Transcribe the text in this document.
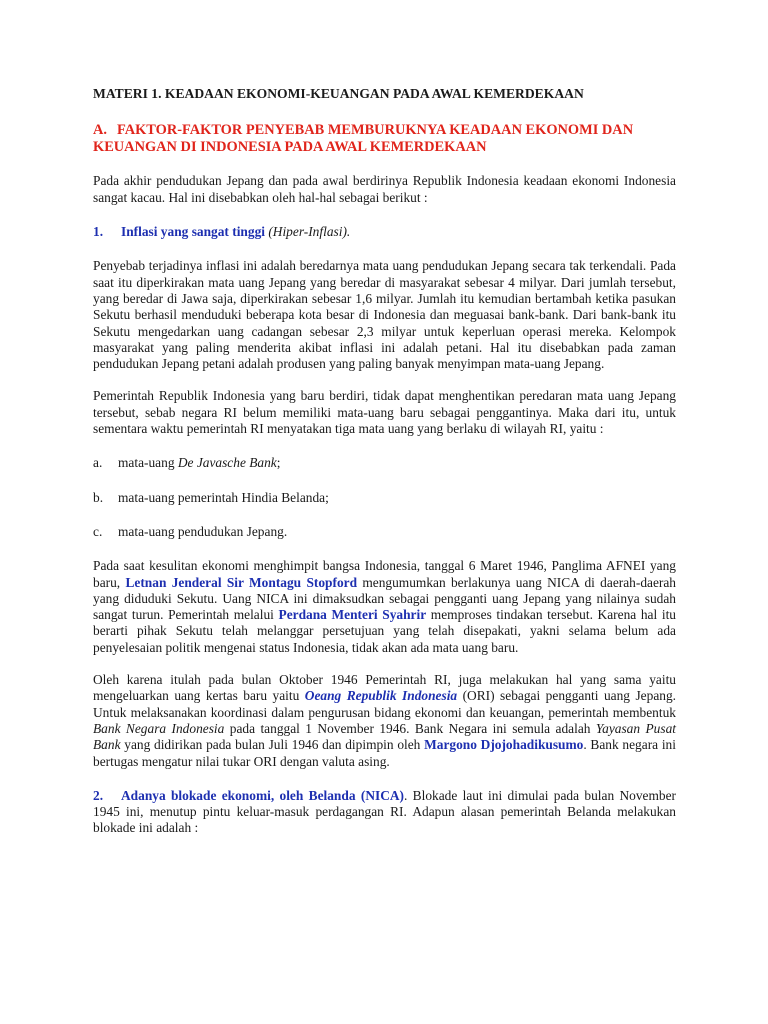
MATERI 1. KEADAAN EKONOMI-KEUANGAN PADA AWAL KEMERDEKAAN

A. FAKTOR-FAKTOR PENYEBAB MEMBURUKNYA KEADAAN EKONOMI DAN KEUANGAN DI INDONESIA PADA AWAL KEMERDEKAAN

Pada akhir pendudukan Jepang dan pada awal berdirinya Republik Indonesia keadaan ekonomi Indonesia sangat kacau. Hal ini disebabkan oleh hal-hal sebagai berikut :

1. Inflasi yang sangat tinggi (Hiper-Inflasi).

Penyebab terjadinya inflasi ini adalah beredarnya mata uang pendudukan Jepang secara tak terkendali. Pada saat itu diperkirakan mata uang Jepang yang beredar di masyarakat sebesar 4 milyar. Dari jumlah tersebut, yang beredar di Jawa saja, diperkirakan sebesar 1,6 milyar. Jumlah itu kemudian bertambah ketika pasukan Sekutu berhasil menduduki beberapa kota besar di Indonesia dan meguasai bank-bank. Dari bank-bank itu Sekutu mengedarkan uang cadangan sebesar 2,3 milyar untuk keperluan operasi mereka. Kelompok masyarakat yang paling menderita akibat inflasi ini adalah petani. Hal itu disebabkan pada zaman pendudukan Jepang petani adalah produsen yang paling banyak menyimpan mata-uang Jepang.

Pemerintah Republik Indonesia yang baru berdiri, tidak dapat menghentikan peredaran mata uang Jepang tersebut, sebab negara RI belum memiliki mata-uang baru sebagai penggantinya. Maka dari itu, untuk sementara waktu pemerintah RI menyatakan tiga mata uang yang berlaku di wilayah RI, yaitu :

a. mata-uang De Javasche Bank;

b. mata-uang pemerintah Hindia Belanda;

c. mata-uang pendudukan Jepang.

Pada saat kesulitan ekonomi menghimpit bangsa Indonesia, tanggal 6 Maret 1946, Panglima AFNEI yang baru, Letnan Jenderal Sir Montagu Stopford mengumumkan berlakunya uang NICA di daerah-daerah yang diduduki Sekutu. Uang NICA ini dimaksudkan sebagai pengganti uang Jepang yang nilainya sudah sangat turun. Pemerintah melalui Perdana Menteri Syahrir memproses tindakan tersebut. Karena hal itu berarti pihak Sekutu telah melanggar persetujuan yang telah disepakati, yakni selama belum ada penyelesaian politik mengenai status Indonesia, tidak akan ada mata uang baru.

Oleh karena itulah pada bulan Oktober 1946 Pemerintah RI, juga melakukan hal yang sama yaitu mengeluarkan uang kertas baru yaitu Oeang Republik Indonesia (ORI) sebagai pengganti uang Jepang. Untuk melaksanakan koordinasi dalam pengurusan bidang ekonomi dan keuangan, pemerintah membentuk Bank Negara Indonesia pada tanggal 1 November 1946. Bank Negara ini semula adalah Yayasan Pusat Bank yang didirikan pada bulan Juli 1946 dan dipimpin oleh Margono Djojohadikusumo. Bank negara ini bertugas mengatur nilai tukar ORI dengan valuta asing.

2. Adanya blokade ekonomi, oleh Belanda (NICA). Blokade laut ini dimulai pada bulan November 1945 ini, menutup pintu keluar-masuk perdagangan RI. Adapun alasan pemerintah Belanda melakukan blokade ini adalah :
